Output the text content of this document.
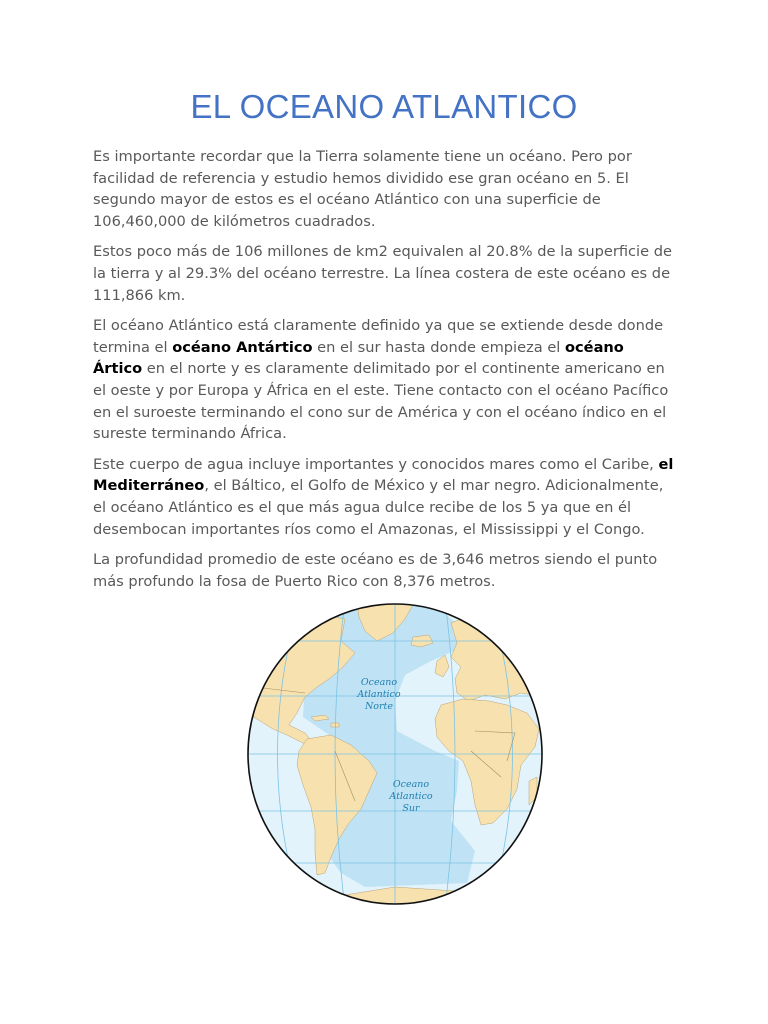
EL OCEANO ATLANTICO

Es importante recordar que la Tierra solamente tiene un océano. Pero por facilidad de referencia y estudio hemos dividido ese gran océano en 5. El segundo mayor de estos es el océano Atlántico con una superficie de 106,460,000 de kilómetros cuadrados.

Estos poco más de 106 millones de km2 equivalen al 20.8% de la superficie de la tierra y al 29.3% del océano terrestre. La línea costera de este océano es de 111,866 km.

El océano Atlántico está claramente definido ya que se extiende desde donde termina el océano Antártico en el sur hasta donde empieza el océano Ártico en el norte y es claramente delimitado por el continente americano en el oeste y por Europa y África en el este. Tiene contacto con el océano Pacífico en el suroeste terminando el cono sur de América y con el océano índico en el sureste terminando África.

Este cuerpo de agua incluye importantes y conocidos mares como el Caribe, el Mediterráneo, el Báltico, el Golfo de México y el mar negro. Adicionalmente, el océano Atlántico es el que más agua dulce recibe de los 5 ya que en él desembocan importantes ríos como el Amazonas, el Mississippi y el Congo.

La profundidad promedio de este océano es de 3,646 metros siendo el punto más profundo la fosa de Puerto Rico con 8,376 metros.

Oceano
Atlantico
Norte
Oceano
Atlantico
Sur
